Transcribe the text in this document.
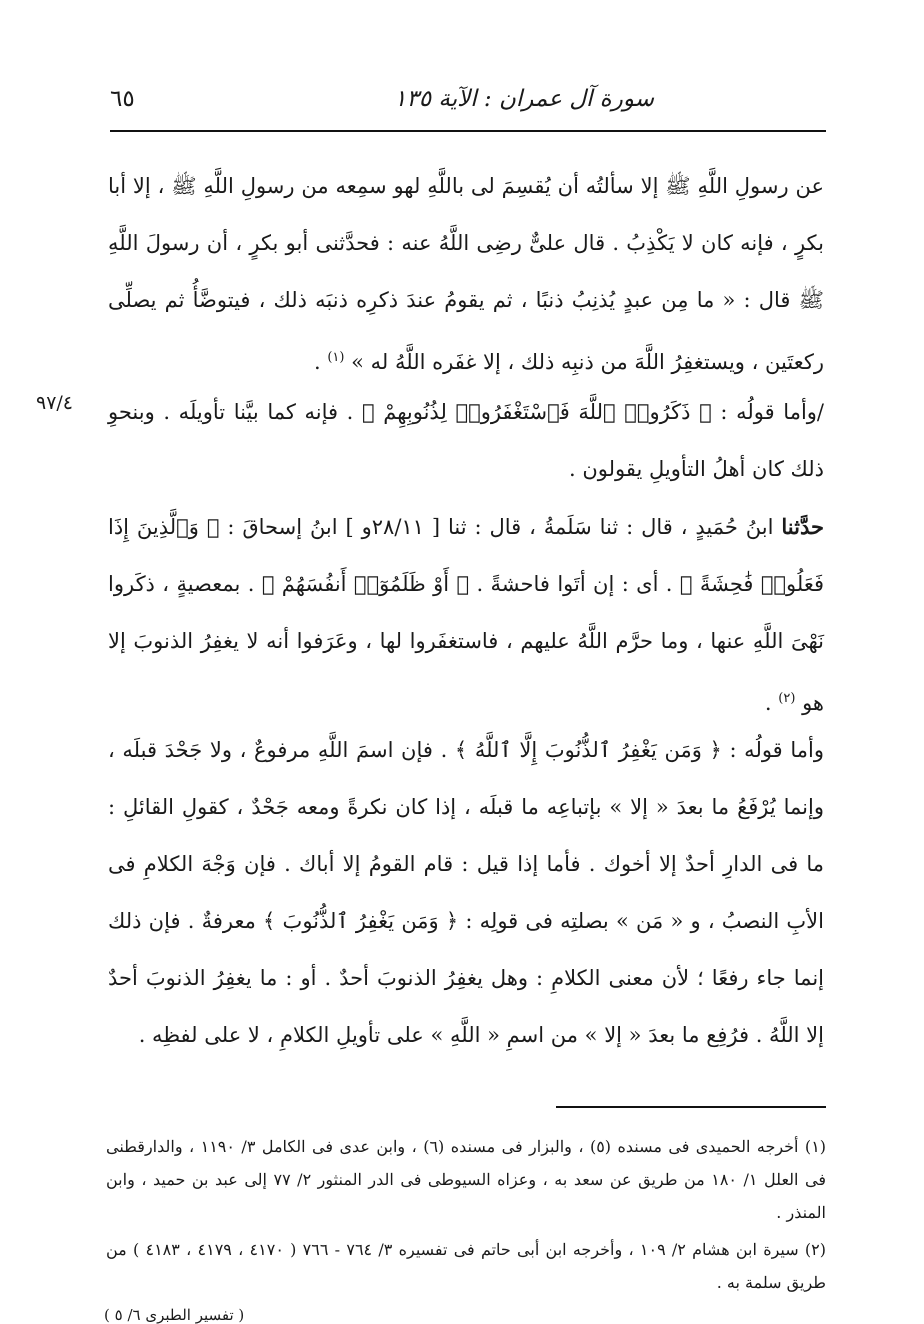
سورة آل عمران : الآية ١٣٥
٦٥
٩٧/٤
عن رسولِ اللَّهِ ﷺ إلا سألتُه أن يُقسِمَ لى باللَّهِ لهو سمِعه من رسولِ اللَّهِ ﷺ ، إلا أبا بكرٍ ، فإنه كان لا يَكْذِبُ . قال علىٌّ رضِى اللَّهُ عنه : فحدَّثنى أبو بكرٍ ، أن رسولَ اللَّهِ ﷺ قال : « ما مِن عبدٍ يُذنِبُ ذنبًا ، ثم يقومُ عندَ ذكرِه ذنبَه ذلك ، فيتوضَّأُ ثم يصلِّى ركعتَين ، ويستغفِرُ اللَّهَ من ذنبِه ذلك ، إلا غفَره اللَّهُ له » $^{(١)}$ .
/وأما قولُه : ﴿ ذَكَرُوا۟ ٱللَّهَ فَٱسْتَغْفَرُوا۟ لِذُنُوبِهِمْ ﴾ . فإنه كما بيَّنا تأويلَه . وبنحوِ ذلك كان أهلُ التأويلِ يقولون .
حدَّثنا ابنُ حُمَيدٍ ، قال : ثنا سَلَمةُ ، قال : ثنا [ ٢٨/١١و ] ابنُ إسحاقَ : ﴿ وَٱلَّذِينَ إِذَا فَعَلُوا۟ فَٰحِشَةً ﴾ . أى : إن أتَوا فاحشةً . ﴿ أَوْ ظَلَمُوٓا۟ أَنفُسَهُمْ ﴾ . بمعصيةٍ ، ذكَروا نَهْىَ اللَّهِ عنها ، وما حرَّم اللَّهُ عليهم ، فاستغفَروا لها ، وعَرَفوا أنه لا يغفِرُ الذنوبَ إلا هو $^{(٢)}$ .
وأما قولُه : ﴿ وَمَن يَغْفِرُ ٱلذُّنُوبَ إِلَّا ٱللَّهُ ﴾ . فإن اسمَ اللَّهِ مرفوعٌ ، ولا جَحْدَ قبلَه ، وإنما يُرْفَعُ ما بعدَ « إلا » بإتباعِه ما قبلَه ، إذا كان نكرةً ومعه جَحْدٌ ، كقولِ القائلِ : ما فى الدارِ أحدٌ إلا أخوك . فأما إذا قيل : قام القومُ إلا أباك . فإن وَجْهَ الكلامِ فى الأبِ النصبُ ، و « مَن » بصلتِه فى قولِه : ﴿ وَمَن يَغْفِرُ ٱلذُّنُوبَ ﴾ معرفةٌ . فإن ذلك إنما جاء رفعًا ؛ لأن معنى الكلامِ : وهل يغفِرُ الذنوبَ أحدٌ . أو : ما يغفِرُ الذنوبَ أحدٌ إلا اللَّهُ . فرُفِع ما بعدَ « إلا » من اسمِ « اللَّهِ » على تأويلِ الكلامِ ، لا على لفظِه .
(١) أخرجه الحميدى فى مسنده (٥) ، والبزار فى مسنده (٦) ، وابن عدى فى الكامل ٣/ ١١٩٠ ، والدارقطنى فى العلل ١/ ١٨٠ من طريق عن سعد به ، وعزاه السيوطى فى الدر المنثور ٢/ ٧٧ إلى عبد بن حميد ، وابن المنذر .
(٢) سيرة ابن هشام ٢/ ١٠٩ ، وأخرجه ابن أبى حاتم فى تفسيره ٣/ ٧٦٤ - ٧٦٦ ( ٤١٧٠ ، ٤١٧٩ ، ٤١٨٣ ) من طريق سلمة به .
( تفسير الطبرى ٦/ ٥ )
